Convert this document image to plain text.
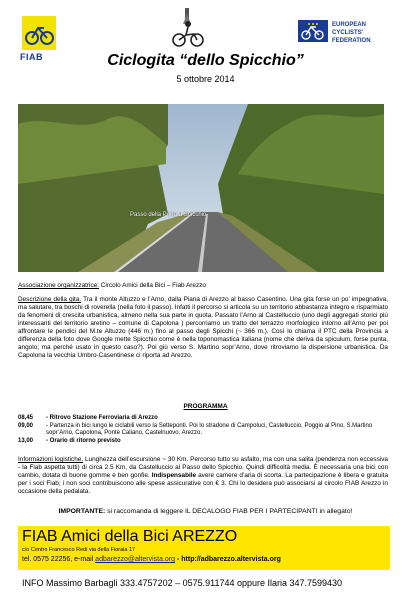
FIAB
EUROPEAN
CYCLISTS'
FEDERATION
Ciclogita “dello Spicchio”
5 ottobre 2014
Passo della Porta a Spicchio
Associazione organizzatrice: Circolo Amici della Bici – Fiab Arezzo
Descrizione della gita. Tra il monte Altuzzo e l’Arno, dalla Piana di Arezzo al basso Casentino. Una gita forse un po’ impegnativa, ma salutare, tra boschi di roverella (nella foto il passo). Infatti il percorso si articola su un territorio abbastanza integro e risparmiato da fenomeni di crescita urbanistica, almeno nella sua parte in quota. Passato l’Arno al Castelluccio (uno degli aggregati storici più interessanti del territorio aretino – comune di Capolona ) percorriamo un tratto del terrazzo morfologico intorno all’Arno per poi affrontare le pendici del M.te Altuzzo (446 m.) fino al passo degli Spicchi (~ 366 m.). Così lo chiama il PTC della Provincia a differenza della foto dove Google mette Spicchio come è nella toponomastica italiana (nome che deriva da spiculum, forse punta, angolo; ma perché usato in questo caso?). Poi giù verso S. Martino sopr’Arno, dove ritroviamo la dispersione urbanistica. Da Capolona la vecchia Umbro-Casentinese ci riporta ad Arezzo.
PROGRAMMA
08,45	- Ritrovo Stazione Ferroviaria di Arezzo
09,00	- Partenza in bici lungo le ciclabili verso la Setteponti. Poi lo stradone di Campoluci, Castelluccio, Poggio al Pino, S.Martino sopr’Arno, Capolona, Ponte Caliano, Castelnuovo, Arezzo.
13,00	- Orario di ritorno previsto
Informazioni logistiche. Lunghezza dell’escursione ~ 30 Km. Percorso tutto su asfalto, ma con una salita (pendenza non eccessiva - la Fiab aspetta tutti) di circa 2.5 Km, da Castelluccio al Passo dello Spicchio. Quindi difficoltà media. È necessaria una bici con cambio, dotata di buone gomme e ben gonfie. Indispensabile avere camere d’aria di scorta. La partecipazione è libera e gratuita per i soci Fiab; i non soci contribuiscono alle spese assicurative con € 3. Chi lo desidera può associarsi al circolo FIAB Arezzo in occasione della pedalata.
IMPORTANTE: si raccomanda di leggere IL DECALOGO FIAB PER I PARTECIPANTI in allegato!
FIAB Amici della Bici AREZZO
c/o Centro Francesco Redi via della Fioraia 17
tel. 0575 22256, e-mail adbarezzo@altervista.org - http://adbarezzo.altervista.org
INFO Massimo Barbagli 333.4757202 – 0575.911744 oppure Ilaria 347.7599430
